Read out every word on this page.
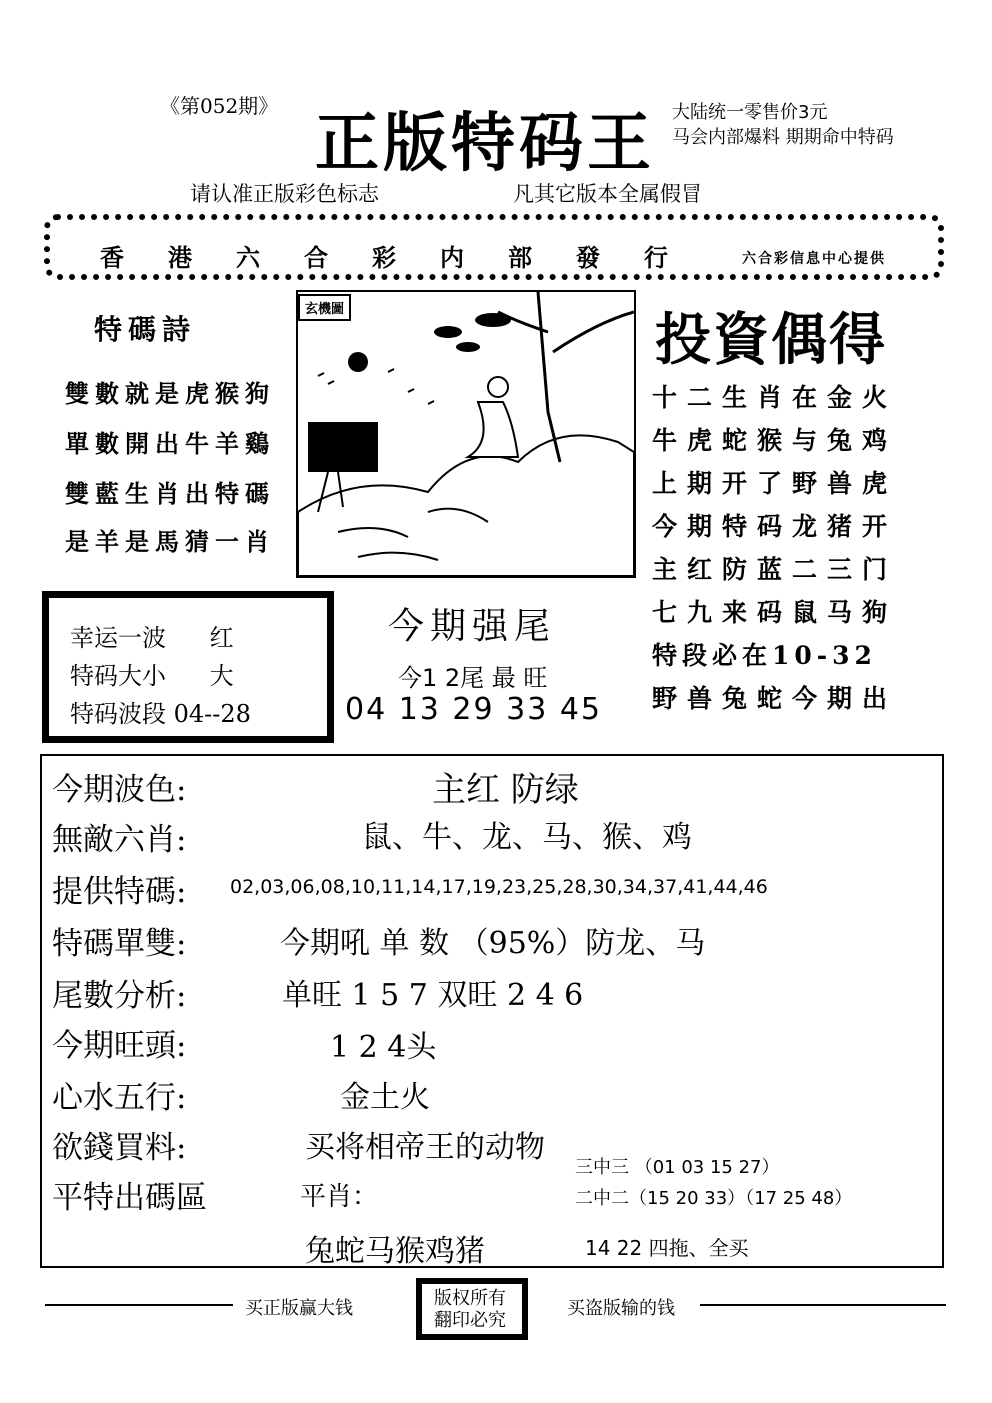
《第052期》 正版特码王 大陆统一零售价3元
马会内部爆料 期期命中特码
请认准正版彩色标志	凡其它版本全属假冒
香港六合彩内部發行 六合彩信息中心提供
特碼詩
雙數就是虎猴狗
單數開出牛羊鷄
雙藍生肖出特碼
是羊是馬猜一肖
玄機圖	投資偶得
十二生肖在金火
牛虎蛇猴与兔鸡
上期开了野兽虎
今期特码龙猪开
主红防蓝二三门
七九来码鼠马狗
特段必在10-32
野兽兔蛇今期出
幸运一波 红
特码大小 大
特码波段 04--28
今期强尾
今1 2尾 最 旺
04 13 29 33 45
今期波色:	主红 防绿
無敵六肖:	鼠、牛、龙、马、猴、鸡
提供特碼: 02,03,06,08,10,11,14,17,19,23,25,28,30,34,37,41,44,46
特碼單雙:	今期吼 单 数 （95%）防龙、马
尾數分析:	单旺 1 5 7 双旺 2 4 6
今期旺頭:	1 2 4头
心水五行:	金土火
欲錢買料:	买将相帝王的动物
平特出碼區	平肖：
兔蛇马猴鸡猪
三中三 （01 03 15 27）
二中二（15 20 33）（17 25 48）
14 22 四拖、全买
买正版赢大钱	买盗版输的钱
版权所有
翻印必究
